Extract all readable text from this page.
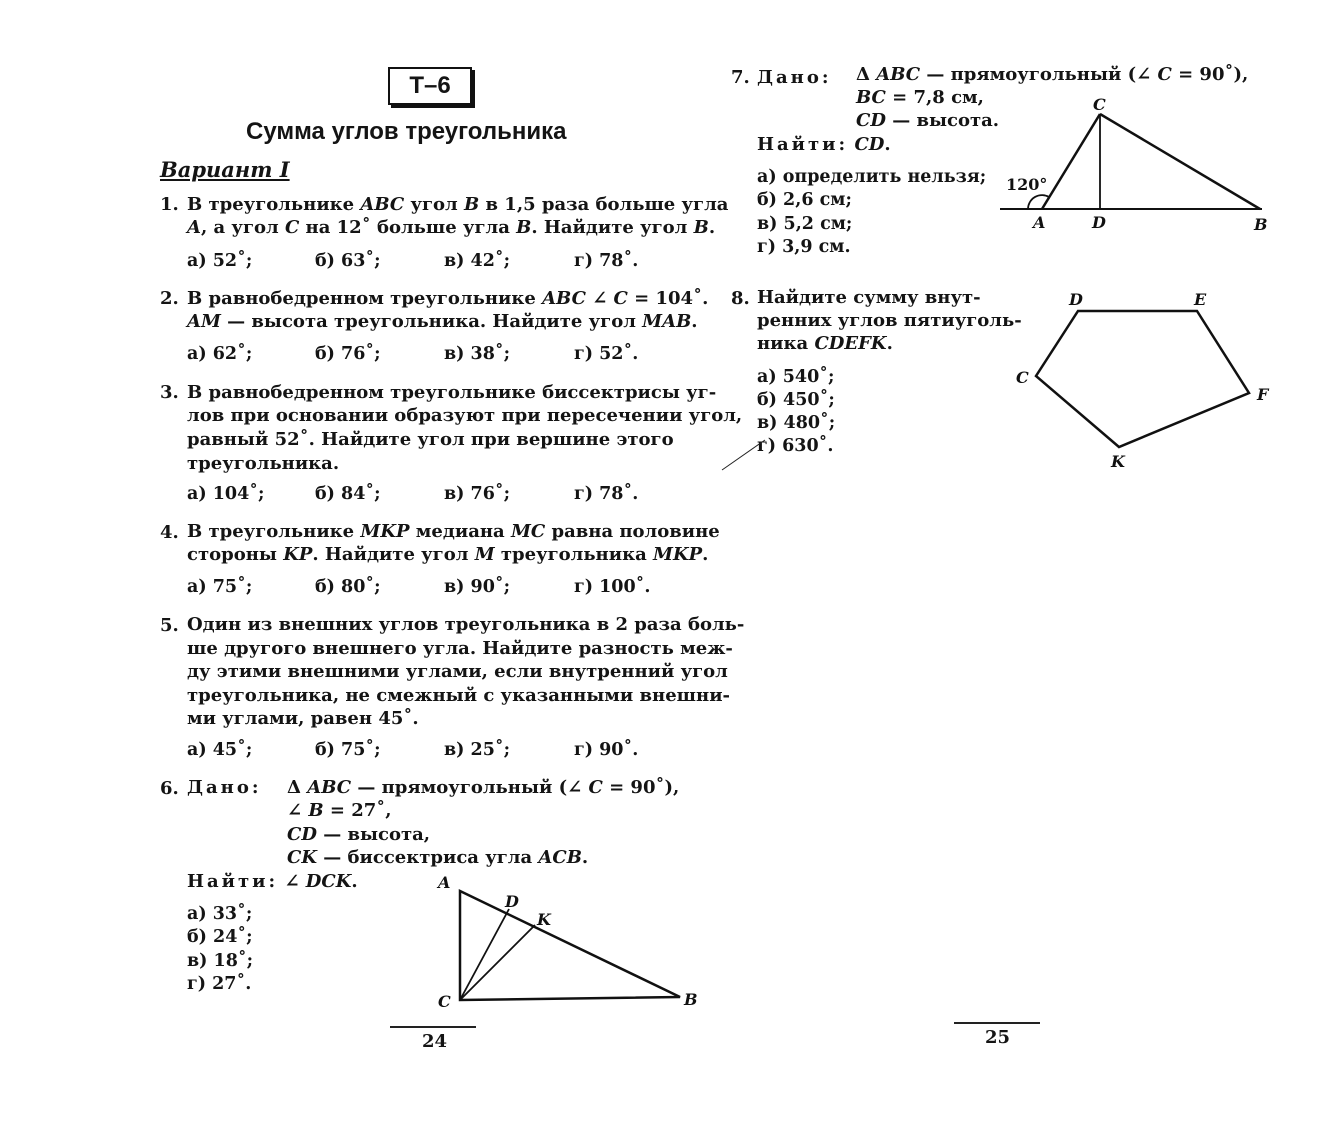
Т–6
Сумма углов треугольника
Вариант I
1. В треугольнике ABC угол B в 1,5 раза больше угла
A, а угол C на 12˚ больше угла B. Найдите угол B.
а) 52˚;	б) 63˚;	в) 42˚;	г) 78˚.
2. В равнобедренном треугольнике ABC ∠ C = 104˚.
AM — высота треугольника. Найдите угол MAB.
а) 62˚;	б) 76˚;	в) 38˚;	г) 52˚.
3. В равнобедренном треугольнике биссектрисы уг-
лов при основании образуют при пересечении угол,
равный 52˚. Найдите угол при вершине этого
треугольника.
а) 104˚;	б) 84˚;	в) 76˚;	г) 78˚.
4. В треугольнике MKP медиана MC равна половине
стороны KP. Найдите угол M треугольника MKP.
а) 75˚;	б) 80˚;	в) 90˚;	г) 100˚.
5. Один из внешних углов треугольника в 2 раза боль-
ше другого внешнего угла. Найдите разность меж-
ду этими внешними углами, если внутренний угол
треугольника, не смежный с указанными внешни-
ми углами, равен 45˚.
а) 45˚;	б) 75˚;	в) 25˚;	г) 90˚.
6. Дано: Δ ABC — прямоугольный (∠ C = 90˚),
∠ B = 27˚,
CD — высота,
CK — биссектриса угла ACB.
Найти: ∠ DCK.
а) 33˚;
б) 24˚;
в) 18˚;
г) 27˚.
A
D
K
C	B
24
7. Дано: Δ ABC — прямоугольный (∠ C = 90˚),
BC = 7,8 см,
CD — высота.
Найти: CD.
а) определить нельзя;
б) 2,6 см;
в) 5,2 см;
г) 3,9 см.
C
120°
A	D	B
8. Найдите сумму внут-
ренних углов пятиуголь-
ника CDEFK.
а) 540˚;
б) 450˚;
в) 480˚;
г) 630˚.
D	E
C
F
K
25
